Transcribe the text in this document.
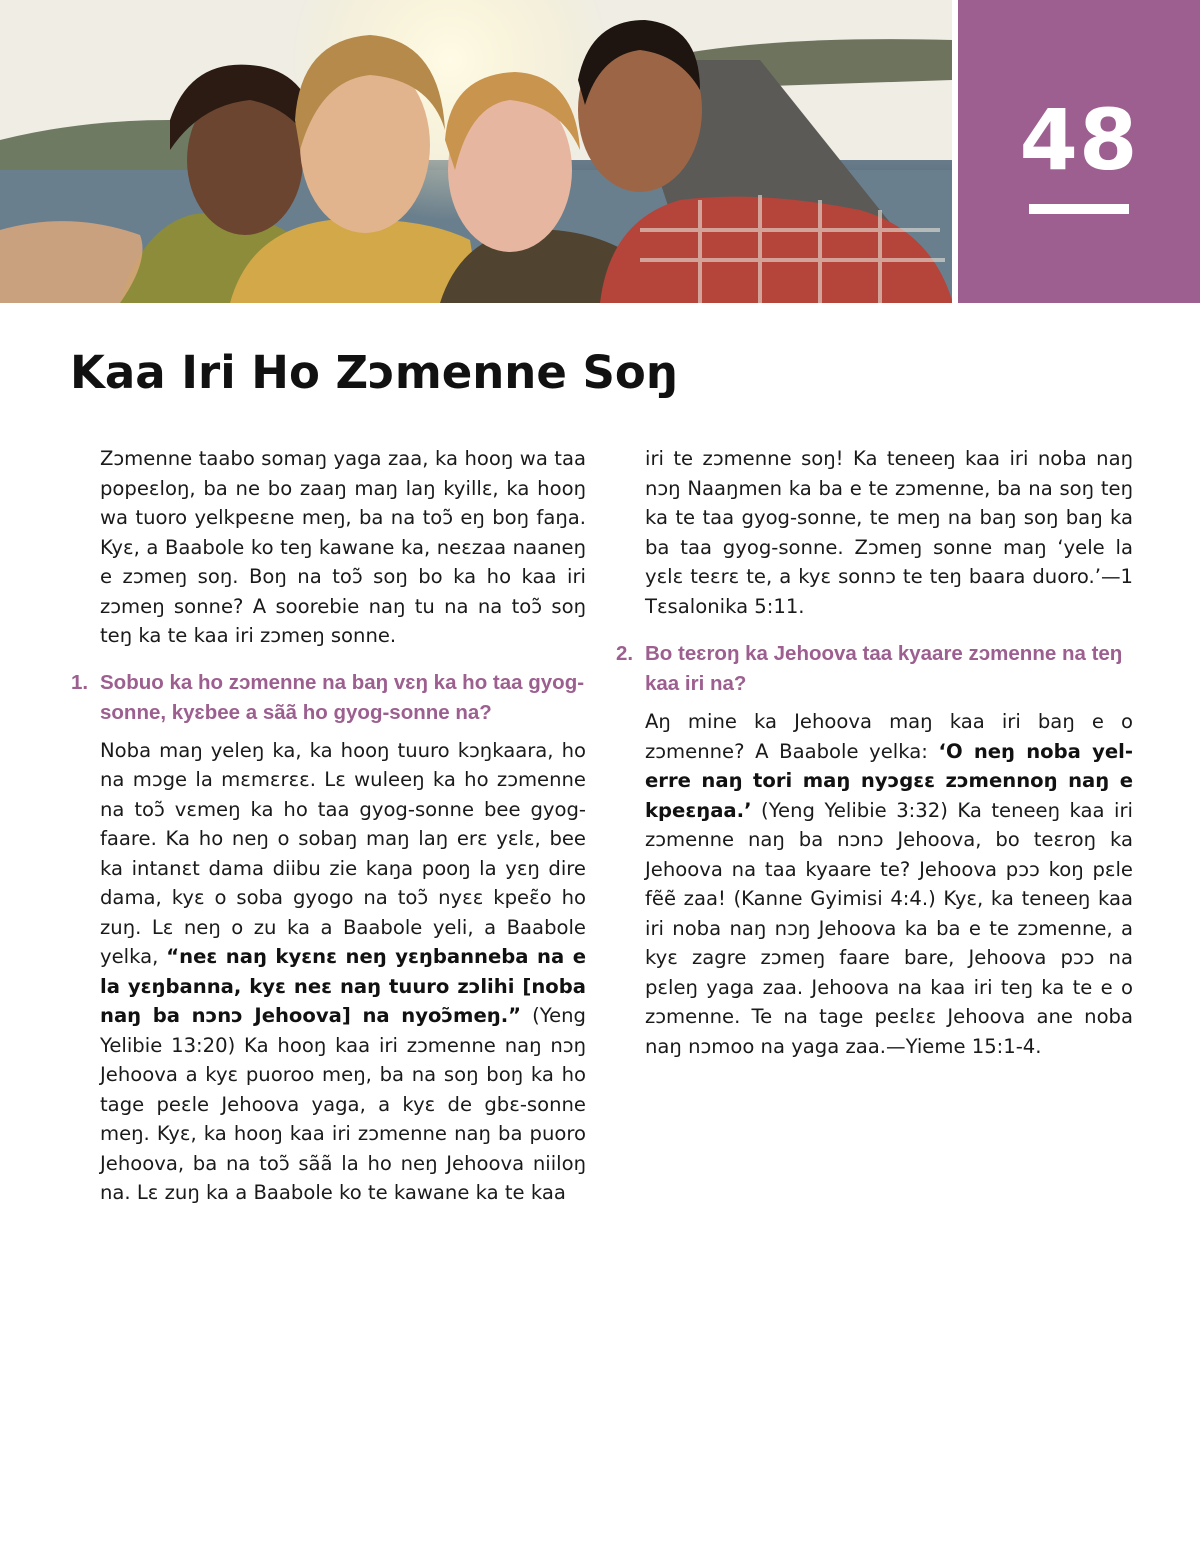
48
Kaa Iri Ho Zɔmenne Soŋ

Zɔmenne taabo somaŋ yaga zaa, ka hooŋ wa taa popeɛloŋ, ba ne bo zaaŋ maŋ laŋ kyillɛ, ka hooŋ wa tuoro yelkpeɛne meŋ, ba na toɔ̃ eŋ boŋ faŋa. Kyɛ, a Baabole ko teŋ kawane ka, neɛzaa naaneŋ e zɔmeŋ soŋ. Boŋ na toɔ̃ soŋ bo ka ho kaa iri zɔmeŋ sonne? A soorebie naŋ tu na na toɔ̃ soŋ teŋ ka te kaa iri zɔmeŋ sonne.

1. Sobuo ka ho zɔmenne na baŋ vɛŋ ka ho taa gyog-sonne, kyɛbee a sãã ho gyog-sonne na?

Noba maŋ yeleŋ ka, ka hooŋ tuuro kɔŋkaara, ho na mɔge la mɛmɛrɛɛ. Lɛ wuleeŋ ka ho zɔmenne na toɔ̃ vɛmeŋ ka ho taa gyog-sonne bee gyog-faare. Ka ho neŋ o sobaŋ maŋ laŋ erɛ yɛlɛ, bee ka intanɛt dama diibu zie kaŋa pooŋ la yɛŋ dire dama, kyɛ o soba gyogo na toɔ̃ nyɛɛ kpeɛ̃o ho zuŋ. Lɛ neŋ o zu ka a Baabole yeli, a Baabole yelka, “neɛ naŋ kyɛnɛ neŋ yɛŋbanneba na e la yɛŋbanna, kyɛ neɛ naŋ tuuro zɔlihi [noba naŋ ba nɔnɔ Jehoova] na nyoɔ̃meŋ.” (Yeng Yelibie 13:20) Ka hooŋ kaa iri zɔmenne naŋ nɔŋ Jehoova a kyɛ puoroo meŋ, ba na soŋ boŋ ka ho tage peɛle Jehoova yaga, a kyɛ de gbɛ-sonne meŋ. Kyɛ, ka hooŋ kaa iri zɔmenne naŋ ba puoro Jehoova, ba na toɔ̃ sãã la ho neŋ Jehoova niiloŋ na. Lɛ zuŋ ka a Baabole ko te kawane ka te kaa

iri te zɔmenne soŋ! Ka teneeŋ kaa iri noba naŋ nɔŋ Naaŋmen ka ba e te zɔmenne, ba na soŋ teŋ ka te taa gyog-sonne, te meŋ na baŋ soŋ baŋ ka ba taa gyog-sonne. Zɔmeŋ sonne maŋ ‘yele la yɛlɛ teɛrɛ te, a kyɛ sonnɔ te teŋ baara duoro.’—1 Tɛsalonika 5:11.

2. Bo teɛroŋ ka Jehoova taa kyaare zɔmenne na teŋ kaa iri na?

Aŋ mine ka Jehoova maŋ kaa iri baŋ e o zɔmenne? A Baabole yelka: ‘O neŋ noba yel-erre naŋ tori maŋ nyɔgɛɛ zɔmennoŋ naŋ e kpeɛŋaa.’ (Yeng Yelibie 3:32) Ka teneeŋ kaa iri zɔmenne naŋ ba nɔnɔ Jehoova, bo teɛroŋ ka Jehoova na taa kyaare te? Jehoova pɔɔ koŋ pɛle fẽẽ zaa! (Kanne Gyimisi 4:4.) Kyɛ, ka teneeŋ kaa iri noba naŋ nɔŋ Jehoova ka ba e te zɔmenne, a kyɛ zagre zɔmeŋ faare bare, Jehoova pɔɔ na pɛleŋ yaga zaa. Jehoova na kaa iri teŋ ka te e o zɔmenne. Te na tage peɛlɛɛ Jehoova ane noba naŋ nɔmoo na yaga zaa.—Yieme 15:1-4.
